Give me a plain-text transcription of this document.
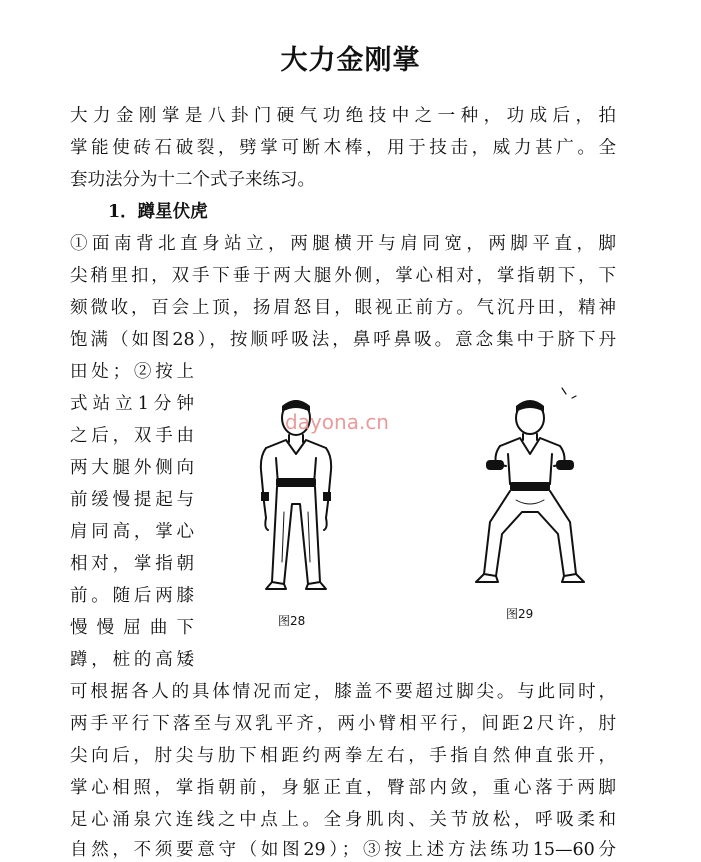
大力金刚掌
大力金刚掌是八卦门硬气功绝技中之一种，功成后，拍
掌能使砖石破裂，劈掌可断木棒，用于技击，威力甚广。全
套功法分为十二个式子来练习。
1．蹲星伏虎
①面南背北直身站立，两腿横开与肩同宽，两脚平直，脚
尖稍里扣，双手下垂于两大腿外侧，掌心相对，掌指朝下，下
颏微收，百会上顶，扬眉怒目，眼视正前方。气沉丹田，精神
饱满（如图28），按顺呼吸法，鼻呼鼻吸。意念集中于脐下丹
田处；②按上
式站立1分钟
之后，双手由
两大腿外侧向
前缓慢提起与
肩同高，掌心
相对，掌指朝
前。随后两膝
慢慢屈曲下
蹲，桩的高矮
可根据各人的具体情况而定，膝盖不要超过脚尖。与此同时，
两手平行下落至与双乳平齐，两小臂相平行，间距2尺许，肘
尖向后，肘尖与肋下相距约两拳左右，手指自然伸直张开，
掌心相照，掌指朝前，身躯正直，臀部内敛，重心落于两脚
足心涌泉穴连线之中点上。全身肌肉、关节放松，呼吸柔和
自然，不须要意守（如图29）；③按上述方法练功15—60分
图28	图29
dayona.cn
